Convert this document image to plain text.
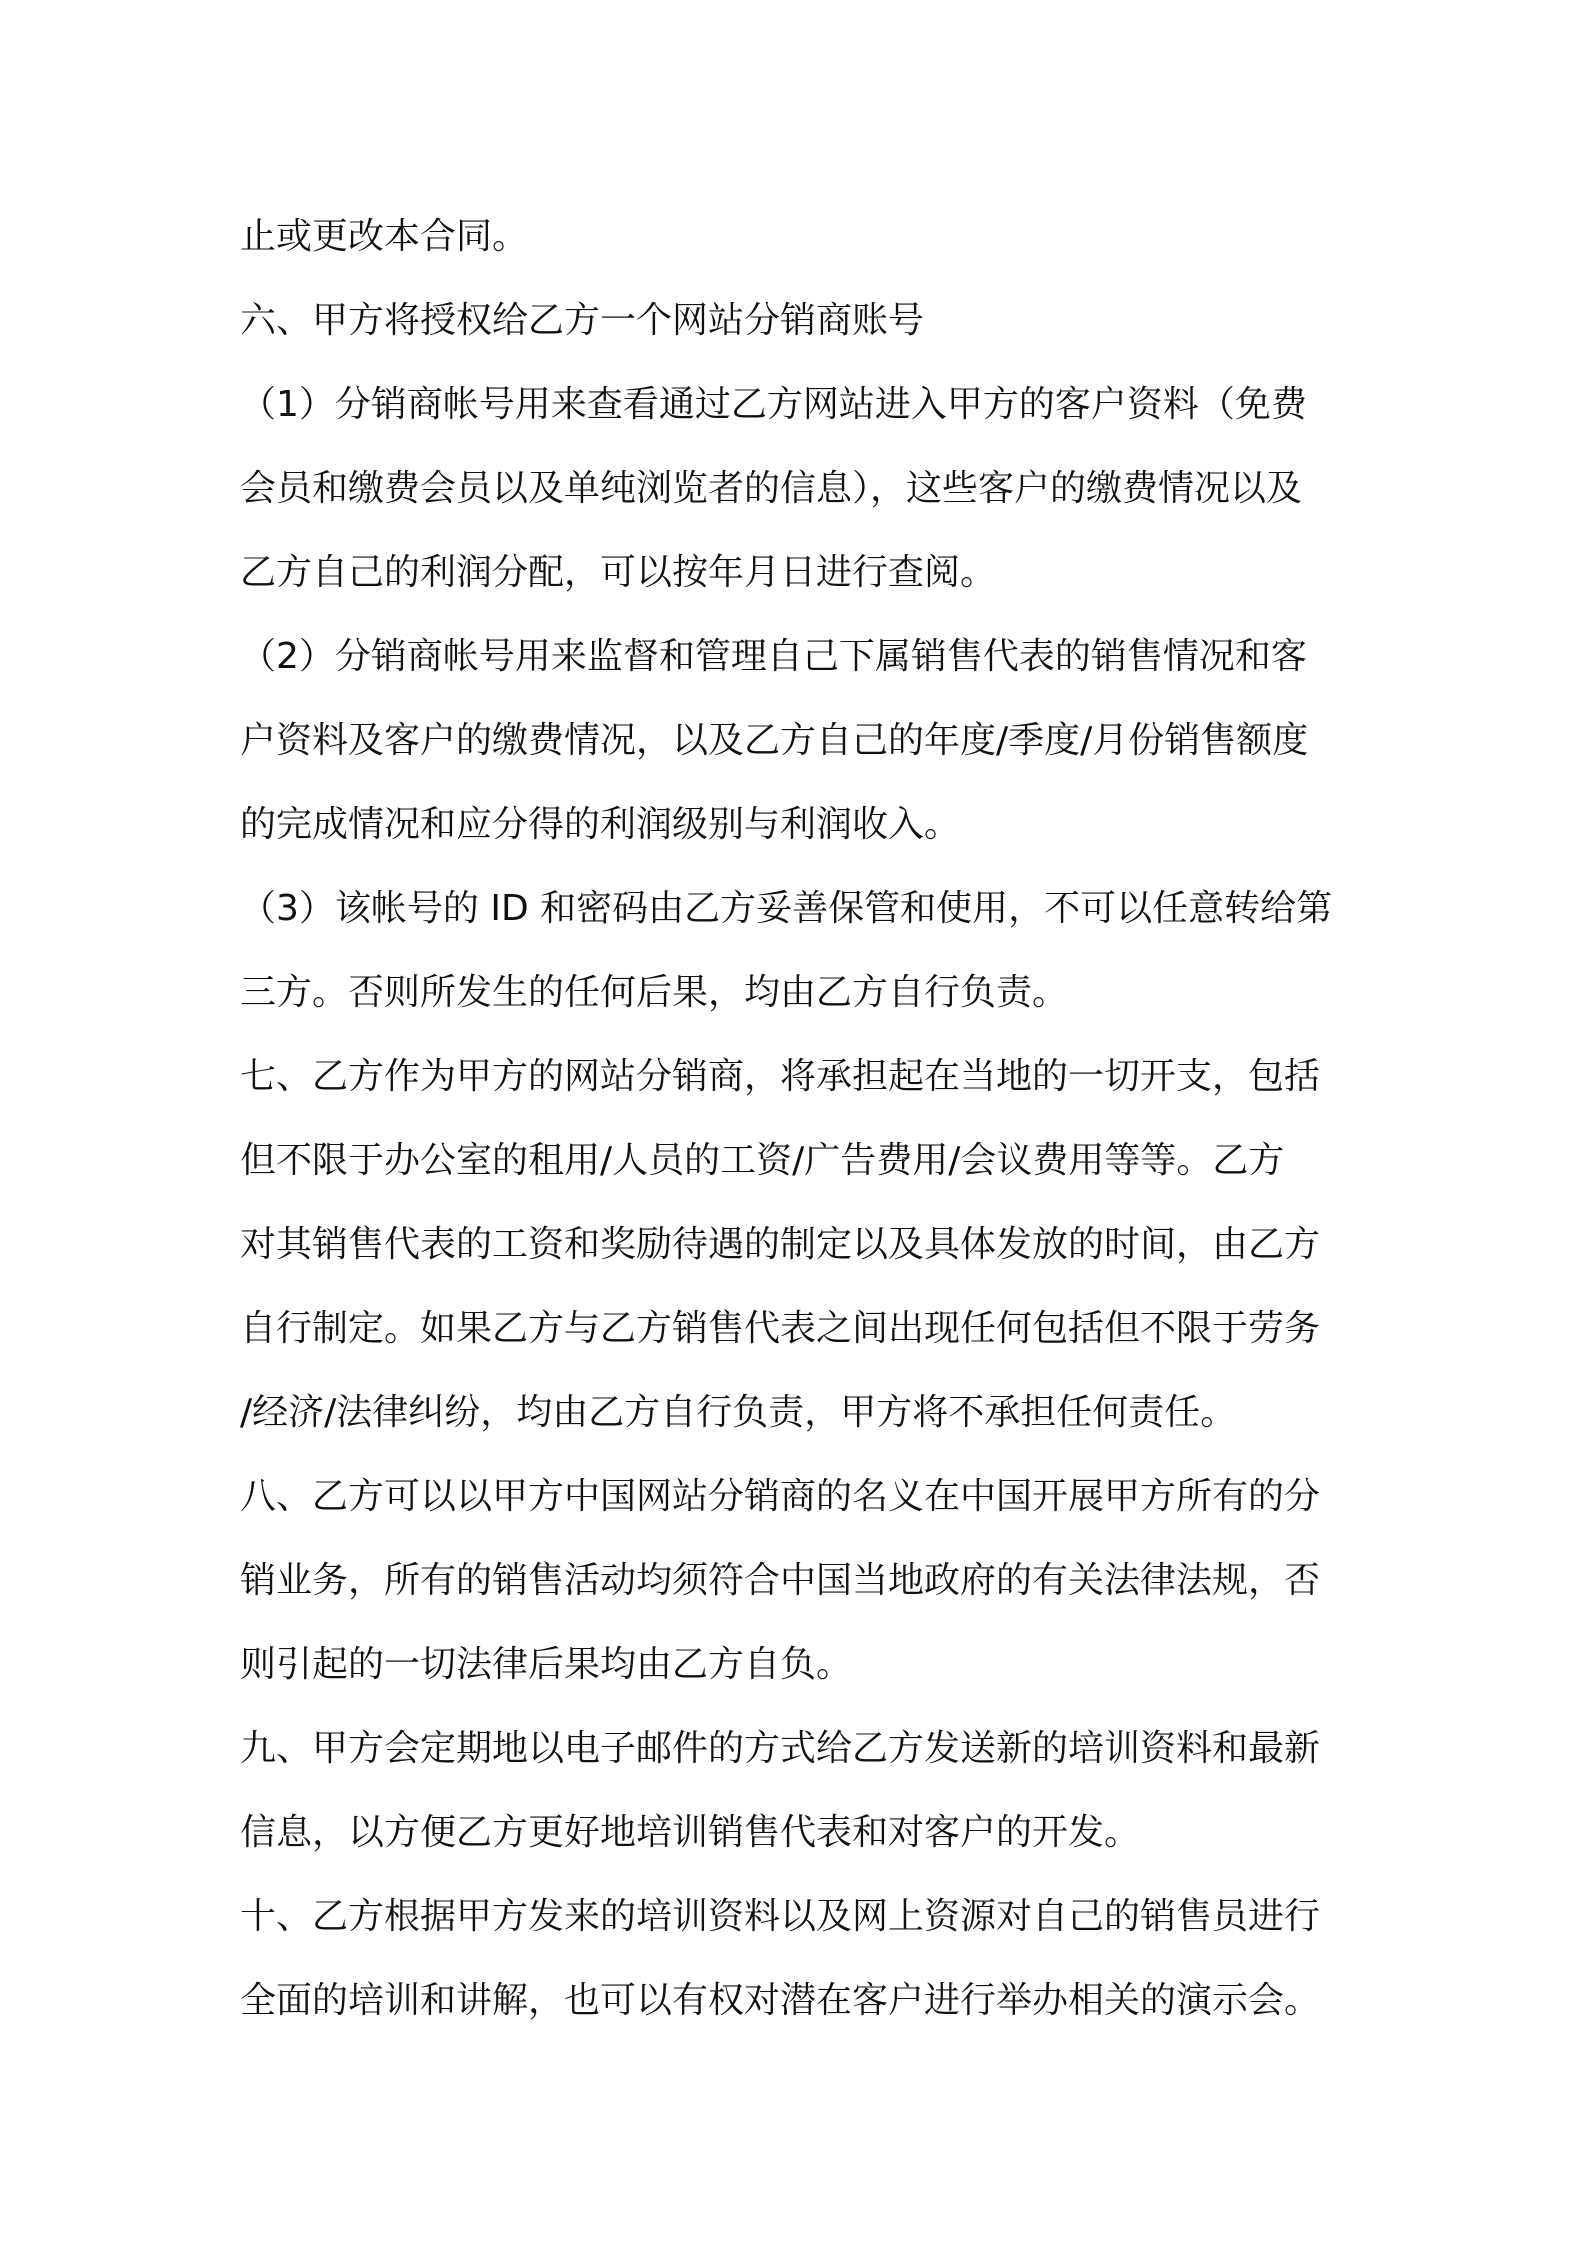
止或更改本合同。
六、甲方将授权给乙方一个网站分销商账号
（1）分销商帐号用来查看通过乙方网站进入甲方的客户资料（免费
会员和缴费会员以及单纯浏览者的信息），这些客户的缴费情况以及
乙方自己的利润分配，可以按年月日进行查阅。
（2）分销商帐号用来监督和管理自己下属销售代表的销售情况和客
户资料及客户的缴费情况，以及乙方自己的年度/季度/月份销售额度
的完成情况和应分得的利润级别与利润收入。
（3）该帐号的 ID 和密码由乙方妥善保管和使用，不可以任意转给第
三方。否则所发生的任何后果，均由乙方自行负责。
七、乙方作为甲方的网站分销商，将承担起在当地的一切开支，包括
但不限于办公室的租用/人员的工资/广告费用/会议费用等等。乙方
对其销售代表的工资和奖励待遇的制定以及具体发放的时间，由乙方
自行制定。如果乙方与乙方销售代表之间出现任何包括但不限于劳务
/经济/法律纠纷，均由乙方自行负责，甲方将不承担任何责任。
八、乙方可以以甲方中国网站分销商的名义在中国开展甲方所有的分
销业务，所有的销售活动均须符合中国当地政府的有关法律法规，否
则引起的一切法律后果均由乙方自负。
九、甲方会定期地以电子邮件的方式给乙方发送新的培训资料和最新
信息，以方便乙方更好地培训销售代表和对客户的开发。
十、乙方根据甲方发来的培训资料以及网上资源对自己的销售员进行
全面的培训和讲解，也可以有权对潜在客户进行举办相关的演示会。
